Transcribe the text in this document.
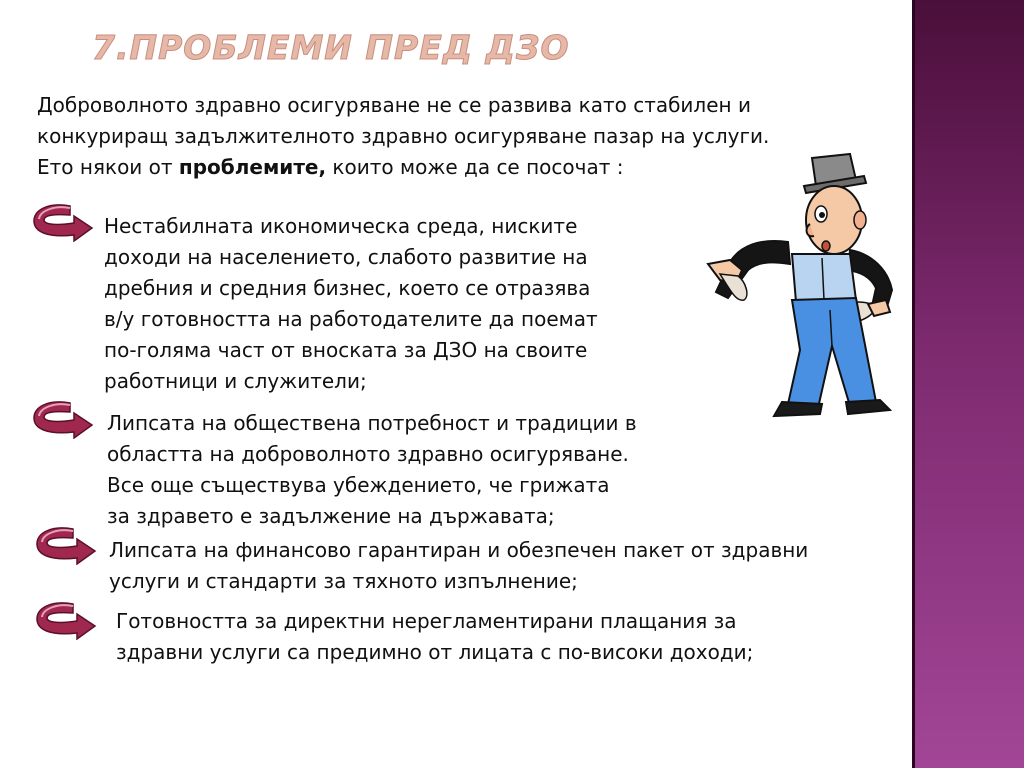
7.ПРОБЛЕМИ ПРЕД ДЗО
Доброволното здравно осигуряване не се развива като стабилен и
конкуриращ задължителното здравно осигуряване пазар на услуги.
Ето някои от проблемите, които може да се посочат :
Нестабилната икономическа среда, ниските
доходи на населението, слабото развитие на
дребния и средния бизнес, което се отразява
в/у готовността на работодателите да поемат
по-голяма част от вноската за ДЗО на своите
работници и служители;
Липсата на обществена потребност и традиции в
областта на доброволното здравно осигуряване.
Все още съществува убеждението, че грижата
за здравето е задължение на държавата;
Липсата на финансово гарантиран и обезпечен пакет от здравни
услуги и стандарти за тяхното изпълнение;
Готовността за директни нерегламентирани плащания за
здравни услуги са предимно от лицата с по-високи доходи;
